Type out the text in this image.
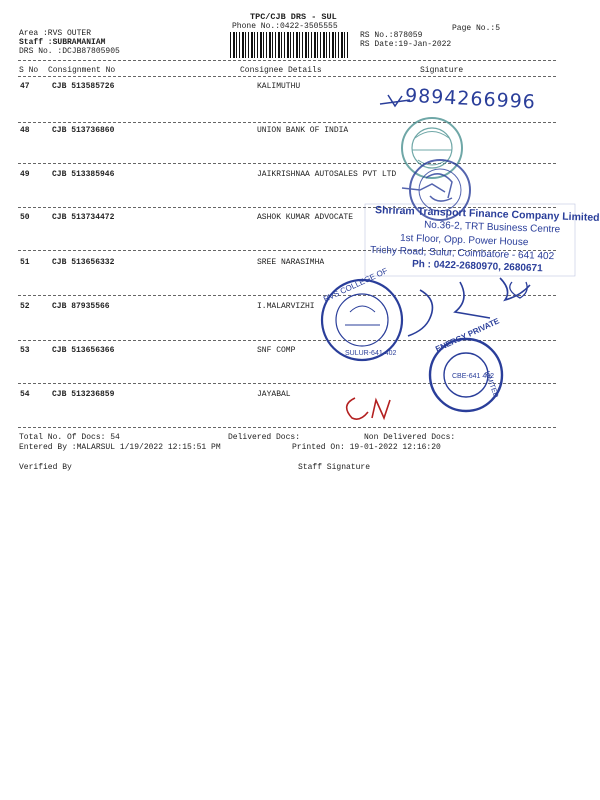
TPC/CJB DRS - SUL
Phone No.:0422-3505555
Area :RVS OUTER
Staff :SUBRAMANIAM
DRS No. :DCJB87805905
RS No.:878059
RS Date:19-Jan-2022
Page No.:5
S No Consignment No	Consignee Details	Signature
47	CJB 513585726	KALIMUTHU
48	CJB 513736860	UNION BANK OF INDIA
49	CJB 513385946	JAIKRISHNAA AUTOSALES PVT LTD
50	CJB 513734472	ASHOK KUMAR ADVOCATE
51	CJB 513656332	SREE NARASIMHA
52	CJB 87935566	I.MALARVIZHI
53	CJB 513656366	SNF COMP
54	CJB 513236859	JAYABAL
Total No. Of Docs: 54	Delivered Docs:	Non Delivered Docs:
Entered By :MALARSUL 1/19/2022 12:15:51 PM	Printed On: 19-01-2022 12:16:20
Verified By	Staff Signature
9894266996
Shriram Transport Finance Company Limited
No.36-2, TRT Business Centre
1st Floor, Opp. Power House
Trichy Road, Sulur, Coimbatore - 641 402
Ph : 0422-2680970, 2680671
RVS COLLEGE OF
SULUR-641 402	ENERGY PRIVATE
CBE-641 402
LIMITED
